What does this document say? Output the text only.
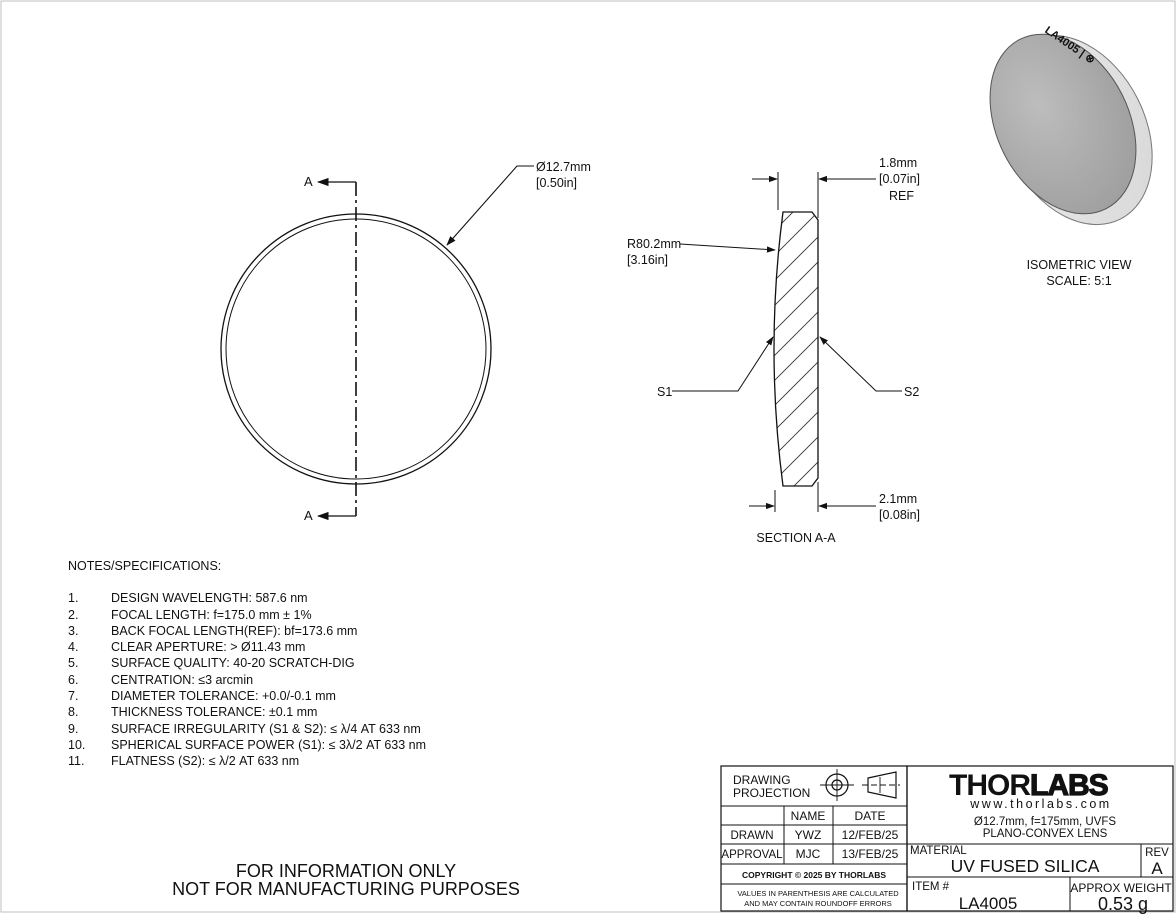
A
A
Ø12.7mm
[0.50in]
1.8mm
[0.07in]
REF
R80.2mm
[3.16in]
S1	S2
2.1mm
[0.08in]
SECTION A-A
LA4005 | ⊗
ISOMETRIC VIEW
SCALE: 5:1
DRAWING
PROJECTION
NAME DATE
DRAWN YWZ 12/FEB/25
APPROVAL MJC 13/FEB/25
COPYRIGHT © 2025 BY THORLABS
VALUES IN PARENTHESIS ARE CALCULATED
AND MAY CONTAIN ROUNDOFF ERRORS
THOR LABS
www.thorlabs.com
Ø12.7mm, f=175mm, UVFS
PLANO-CONVEX LENS
MATERIAL
UV FUSED SILICA
REV
A
ITEM #
LA4005
APPROX WEIGHT
0.53 g
NOTES/SPECIFICATIONS:
1.	DESIGN WAVELENGTH: 587.6 nm
2.	FOCAL LENGTH: f=175.0 mm ± 1%
3.	BACK FOCAL LENGTH(REF): bf=173.6 mm
4.	CLEAR APERTURE: > Ø11.43 mm
5.	SURFACE QUALITY: 40-20 SCRATCH-DIG
6.	CENTRATION: ≤3 arcmin
7.	DIAMETER TOLERANCE: +0.0/-0.1 mm
8.	THICKNESS TOLERANCE: ±0.1 mm
9.	SURFACE IRREGULARITY (S1 & S2): ≤ λ/4 AT 633 nm
10.	SPHERICAL SURFACE POWER (S1): ≤ 3λ/2 AT 633 nm
11.	FLATNESS (S2): ≤ λ/2 AT 633 nm
FOR INFORMATION ONLY
NOT FOR MANUFACTURING PURPOSES
